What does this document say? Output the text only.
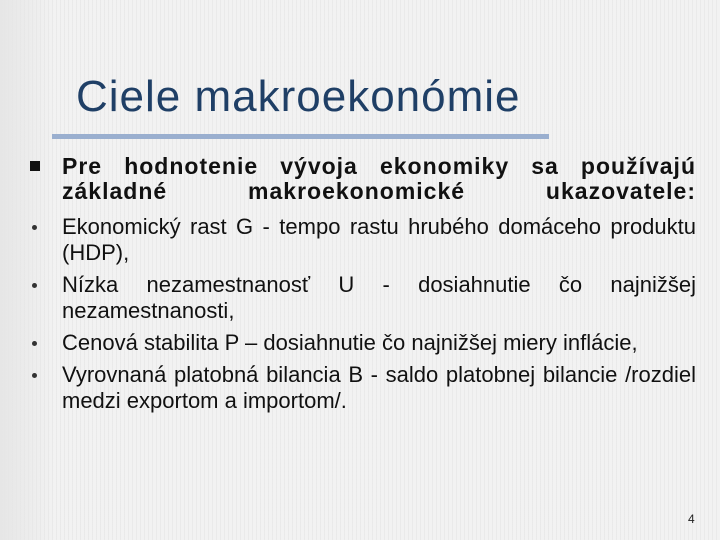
Ciele makroekonómie
Pre hodnotenie vývoja ekonomiky sa používajú základné makroekonomické ukazovatele:
Ekonomický rast G - tempo rastu hrubého domáceho produktu (HDP),
Nízka nezamestnanosť U - dosiahnutie čo najnižšej nezamestnanosti,
Cenová stabilita P – dosiahnutie čo najnižšej miery inflácie,
Vyrovnaná platobná bilancia B - saldo platobnej bilancie /rozdiel medzi exportom a importom/.
4
